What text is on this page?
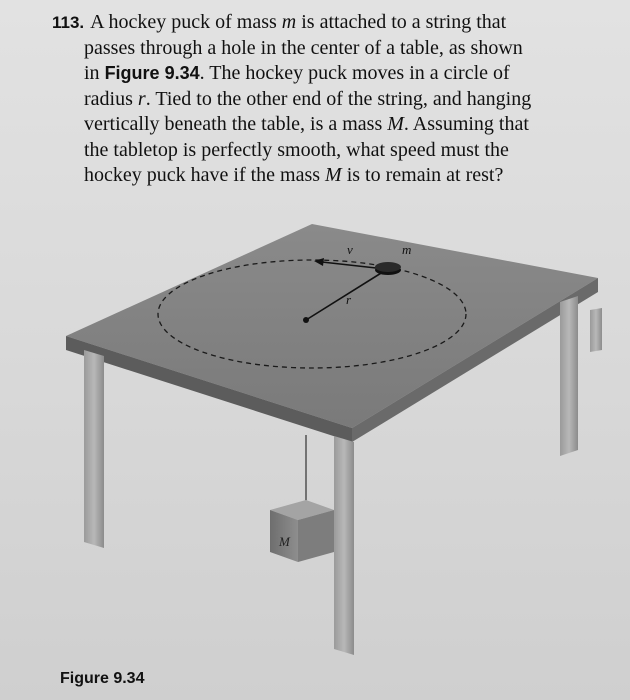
113. A hockey puck of mass m is attached to a string that
passes through a hole in the center of a table, as shown
in Figure 9.34. The hockey puck moves in a circle of
radius r. Tied to the other end of the string, and hanging
vertically beneath the table, is a mass M. Assuming that
the tabletop is perfectly smooth, what speed must the
hockey puck have if the mass M is to remain at rest?
v	m
r
M
Figure 9.34
